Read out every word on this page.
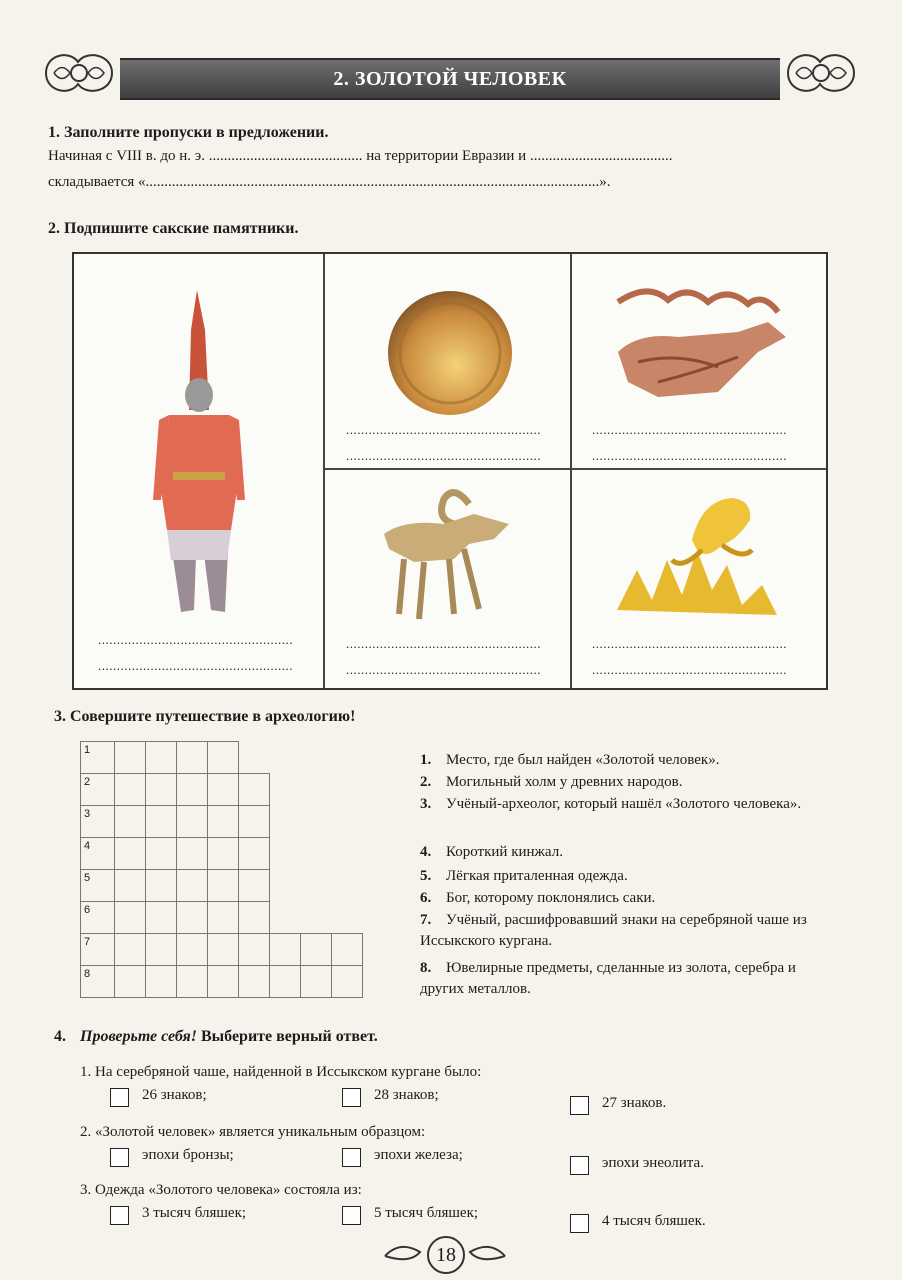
2. ЗОЛОТОЙ ЧЕЛОВЕК
1. Заполните пропуски в предложении.
Начиная с VIII в. до н. э. ......................................... на территории Евразии и ......................................
складывается «.........................................................................................................................».
2. Подпишите сакские памятники.
....................................................
....................................................
....................................................
....................................................
....................................................
....................................................
....................................................
....................................................
....................................................
....................................................
3. Совершите путешествие в археологию!
1								
2								
3								
4								
5								
6								
7								
8								
1. Место, где был найден «Золотой человек».
2. Могильный холм у древних народов.
3. Учёный-археолог, который нашёл «Золотого человека».
4. Короткий кинжал.
5. Лёгкая приталенная одежда.
6. Бог, которому поклонялись саки.
7. Учёный, расшифровавший знаки на серебряной чаше из Иссыкского кургана.
8. Ювелирные предметы, сделанные из золота, серебра и других металлов.
4. Проверьте себя! Выберите верный ответ.
1. На серебряной чаше, найденной в Иссыкском кургане было:
26 знаков;	28 знаков;	27 знаков.
2. «Золотой человек» является уникальным образцом:
эпохи бронзы;	эпохи железа;	эпохи энеолита.
3. Одежда «Золотого человека» состояла из:
3 тысяч бляшек;	5 тысяч бляшек;	4 тысяч бляшек.
18
